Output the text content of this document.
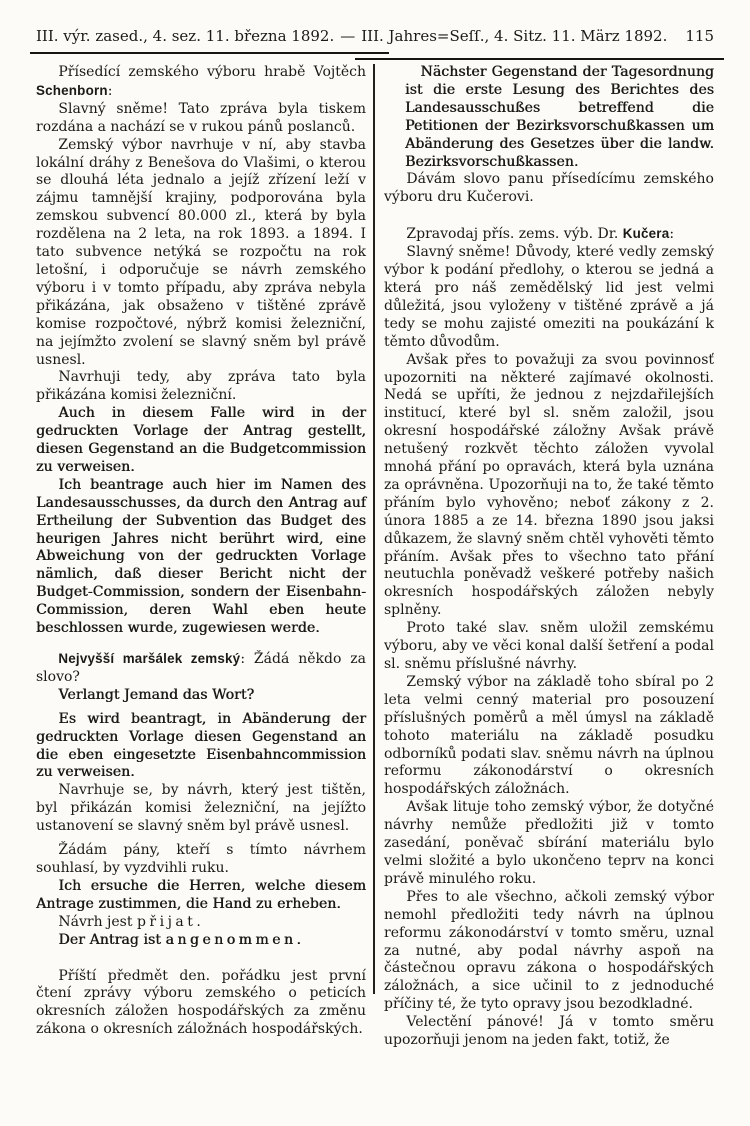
III. výr. zased., 4. sez. 11. března 1892. — III. Jahres=Seſſ., 4. Sitz. 11. März 1892. 115

Přísedící zemského výboru hrabě Vojtěch Schenborn:

Slavný sněme! Tato zpráva byla tiskem rozdána a nachází se v rukou pánů poslanců.

Zemský výbor navrhuje v ní, aby stavba lokální dráhy z Benešova do Vlašimi, o kterou se dlouhá léta jednalo a jejíž zřízení leží v zájmu tamnější krajiny, podporována byla zemskou subvencí 80.000 zl., která by byla rozdělena na 2 leta, na rok 1893. a 1894. I tato subvence netýká se rozpočtu na rok letošní, i odporučuje se návrh zemského výboru i v tomto případu, aby zpráva nebyla přikázána, jak obsaženo v tištěné zprávě komise rozpočtové, nýbrž komisi železniční, na jejímžto zvolení se slavný sněm byl právě usnesl.

Navrhuji tedy, aby zpráva tato byla přikázána komisi železniční.

Auch in diesem Falle wird in der gedruckten Vorlage der Antrag gestellt, diesen Gegenstand an die Budgetcommission zu verweisen.

Ich beantrage auch hier im Namen des Landesausschusses, da durch den Antrag auf Ertheilung der Subvention das Budget des heurigen Jahres nicht berührt wird, eine Abweichung von der gedruckten Vorlage nämlich, daß dieser Bericht nicht der Budget-Commission, sondern der Eisenbahn-Commission, deren Wahl eben heute beschlossen wurde, zugewiesen werde.

Nejvyšší maršálek zemský: Žádá někdo za slovo?

Verlangt Jemand das Wort?

Es wird beantragt, in Abänderung der gedruckten Vorlage diesen Gegenstand an die eben eingesetzte Eisenbahncommission zu verweisen.

Navrhuje se, by návrh, který jest tištěn, byl přikázán komisi železniční, na jejížto ustanovení se slavný sněm byl právě usnesl.

Žádám pány, kteří s tímto návrhem souhlasí, by vyzdvihli ruku.

Ich ersuche die Herren, welche diesem Antrage zustimmen, die Hand zu erheben.

Návrh jest přijat.

Der Antrag ist angenommen.

Příští předmět den. pořádku jest první čtení zprávy výboru zemského o peticích okresních záložen hospodářských za změnu zákona o okresních záložnách hospodářských.

Nächster Gegenstand der Tagesordnung ist die erste Lesung des Berichtes des Landesausschußes betreffend die Petitionen der Bezirksvorschußkassen um Abänderung des Gesetzes über die landw. Bezirksvorschußkassen.

Dávám slovo panu přísedícímu zemského výboru dru Kučerovi.

Zpravodaj přís. zems. výb. Dr. Kučera:

Slavný sněme! Důvody, které vedly zemský výbor k podání předlohy, o kterou se jedná a která pro náš zemědělský lid jest velmi důležitá, jsou vyloženy v tištěné zprávě a já tedy se mohu zajisté omeziti na poukázání k těmto důvodům.

Avšak přes to považuji za svou povinnosť upozorniti na některé zajímavé okolnosti. Nedá se upříti, že jednou z nejzdařilejších institucí, které byl sl. sněm založil, jsou okresní hospodářské záložny Avšak právě netušený rozkvět těchto záložen vyvolal mnohá přání po opravách, která byla uznána za oprávněna. Upozorňuji na to, že také těmto přáním bylo vyhověno; neboť zákony z 2. února 1885 a ze 14. března 1890 jsou jaksi důkazem, že slavný sněm chtěl vyhověti těmto přáním. Avšak přes to všechno tato přání neutuchla poněvadž veškeré potřeby našich okresních hospodářských záložen nebyly splněny.

Proto také slav. sněm uložil zemskému výboru, aby ve věci konal další šetření a podal sl. sněmu příslušné návrhy.

Zemský výbor na základě toho sbíral po 2 leta velmi cenný material pro posouzení příslušných poměrů a měl úmysl na základě tohoto materiálu na základě posudku odborníků podati slav. sněmu návrh na úplnou reformu zákonodárství o okresních hospodářských záložnách.

Avšak lituje toho zemský výbor, že dotyčné návrhy nemůže předložiti již v tomto zasedání, poněvač sbírání materiálu bylo velmi složité a bylo ukončeno teprv na konci právě minulého roku.

Přes to ale všechno, ačkoli zemský výbor nemohl předložiti tedy návrh na úplnou reformu zákonodárství v tomto směru, uznal za nutné, aby podal návrhy aspoň na částečnou opravu zákona o hospodářských záložnách, a sice učinil to z jednoduché příčiny té, že tyto opravy jsou bezodkladné.

Velectění pánové! Já v tomto směru upozorňuji jenom na jeden fakt, totiž, že
